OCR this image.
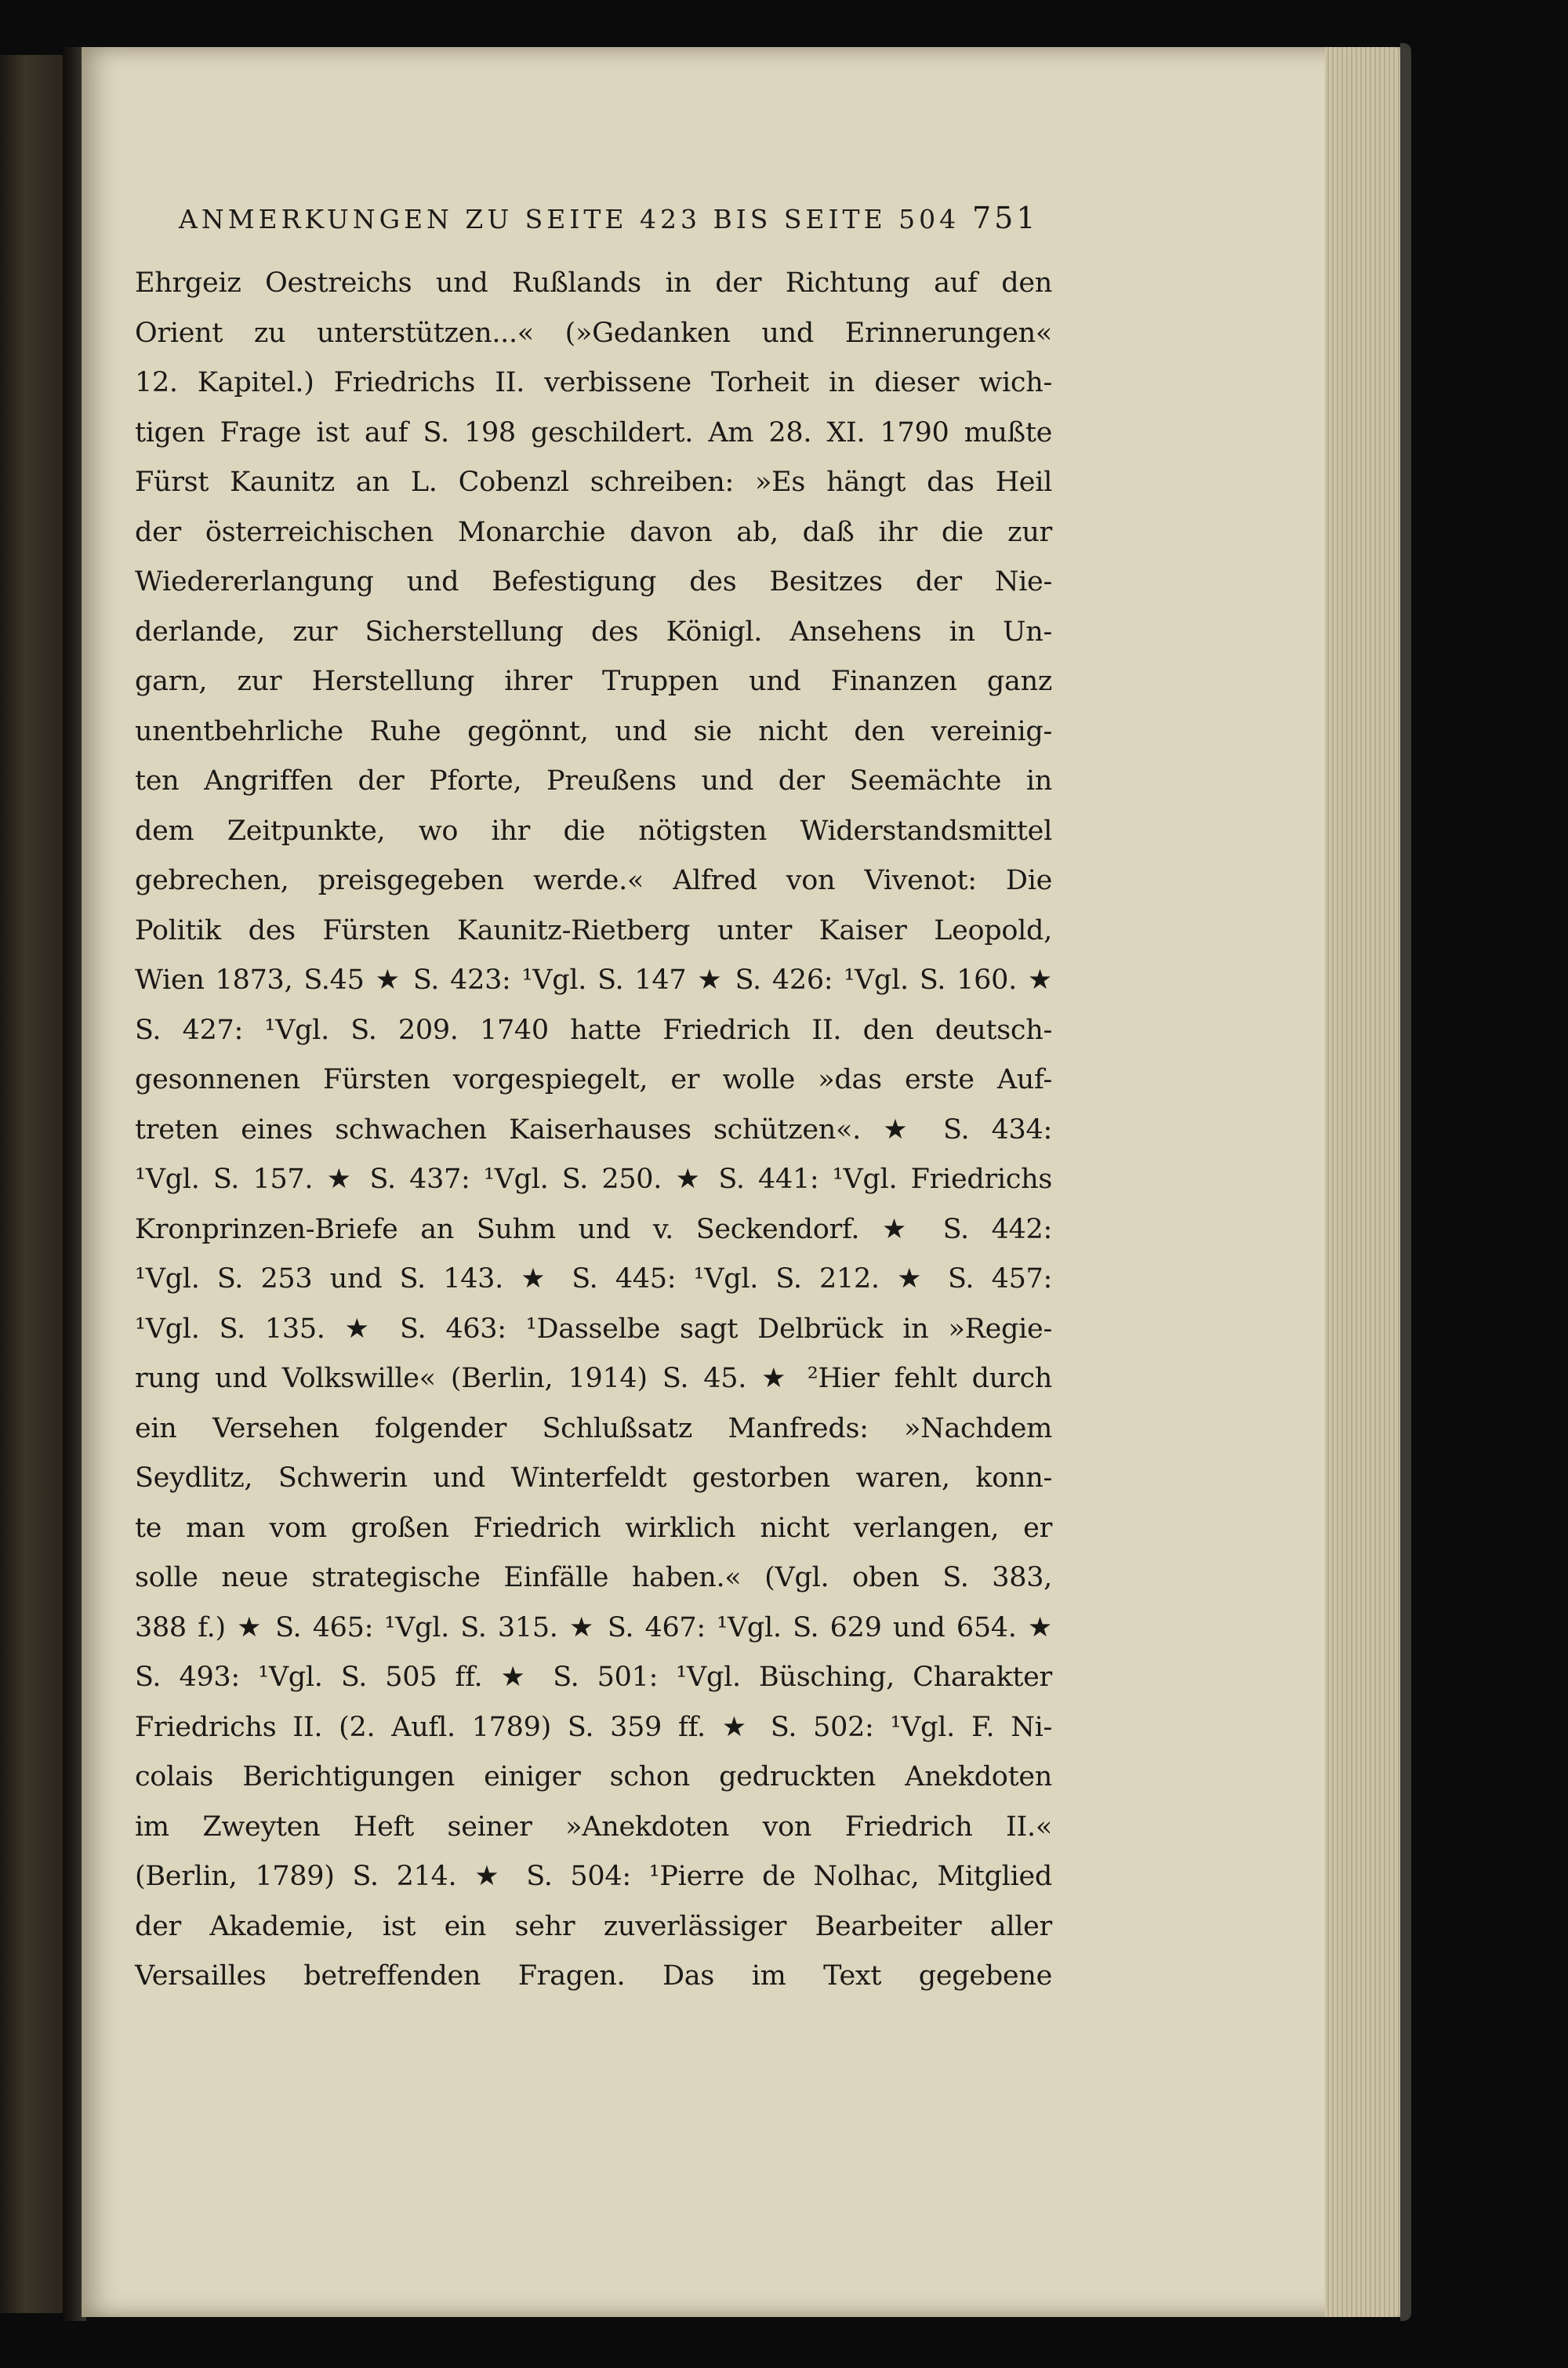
ANMERKUNGEN ZU SEITE 423 BIS SEITE 504 751
Ehrgeiz Oestreichs und Rußlands in der Richtung auf den
Orient zu unterstützen...« (»Gedanken und Erinnerungen«
12. Kapitel.) Friedrichs II. verbissene Torheit in dieser wich-
tigen Frage ist auf S. 198 geschildert. Am 28. XI. 1790 mußte
Fürst Kaunitz an L. Cobenzl schreiben: »Es hängt das Heil
der österreichischen Monarchie davon ab, daß ihr die zur
Wiedererlangung und Befestigung des Besitzes der Nie-
derlande, zur Sicherstellung des Königl. Ansehens in Un-
garn, zur Herstellung ihrer Truppen und Finanzen ganz
unentbehrliche Ruhe gegönnt, und sie nicht den vereinig-
ten Angriffen der Pforte, Preußens und der Seemächte in
dem Zeitpunkte, wo ihr die nötigsten Widerstandsmittel
gebrechen, preisgegeben werde.« Alfred von Vivenot: Die
Politik des Fürsten Kaunitz-Rietberg unter Kaiser Leopold,
Wien 1873, S.45 ★ S. 423: ¹Vgl. S. 147 ★ S. 426: ¹Vgl. S. 160. ★
S. 427: ¹Vgl. S. 209. 1740 hatte Friedrich II. den deutsch-
gesonnenen Fürsten vorgespiegelt, er wolle »das erste Auf-
treten eines schwachen Kaiserhauses schützen«. ★ S. 434:
¹Vgl. S. 157. ★ S. 437: ¹Vgl. S. 250. ★ S. 441: ¹Vgl. Friedrichs
Kronprinzen-Briefe an Suhm und v. Seckendorf. ★ S. 442:
¹Vgl. S. 253 und S. 143. ★ S. 445: ¹Vgl. S. 212. ★ S. 457:
¹Vgl. S. 135. ★ S. 463: ¹Dasselbe sagt Delbrück in »Regie-
rung und Volkswille« (Berlin, 1914) S. 45. ★ ²Hier fehlt durch
ein Versehen folgender Schlußsatz Manfreds: »Nachdem
Seydlitz, Schwerin und Winterfeldt gestorben waren, konn-
te man vom großen Friedrich wirklich nicht verlangen, er
solle neue strategische Einfälle haben.« (Vgl. oben S. 383,
388 f.) ★ S. 465: ¹Vgl. S. 315. ★ S. 467: ¹Vgl. S. 629 und 654. ★
S. 493: ¹Vgl. S. 505 ff. ★ S. 501: ¹Vgl. Büsching, Charakter
Friedrichs II. (2. Aufl. 1789) S. 359 ff. ★ S. 502: ¹Vgl. F. Ni-
colais Berichtigungen einiger schon gedruckten Anekdoten
im Zweyten Heft seiner »Anekdoten von Friedrich II.«
(Berlin, 1789) S. 214. ★ S. 504: ¹Pierre de Nolhac, Mitglied
der Akademie, ist ein sehr zuverlässiger Bearbeiter aller
Versailles betreffenden Fragen. Das im Text gegebene
